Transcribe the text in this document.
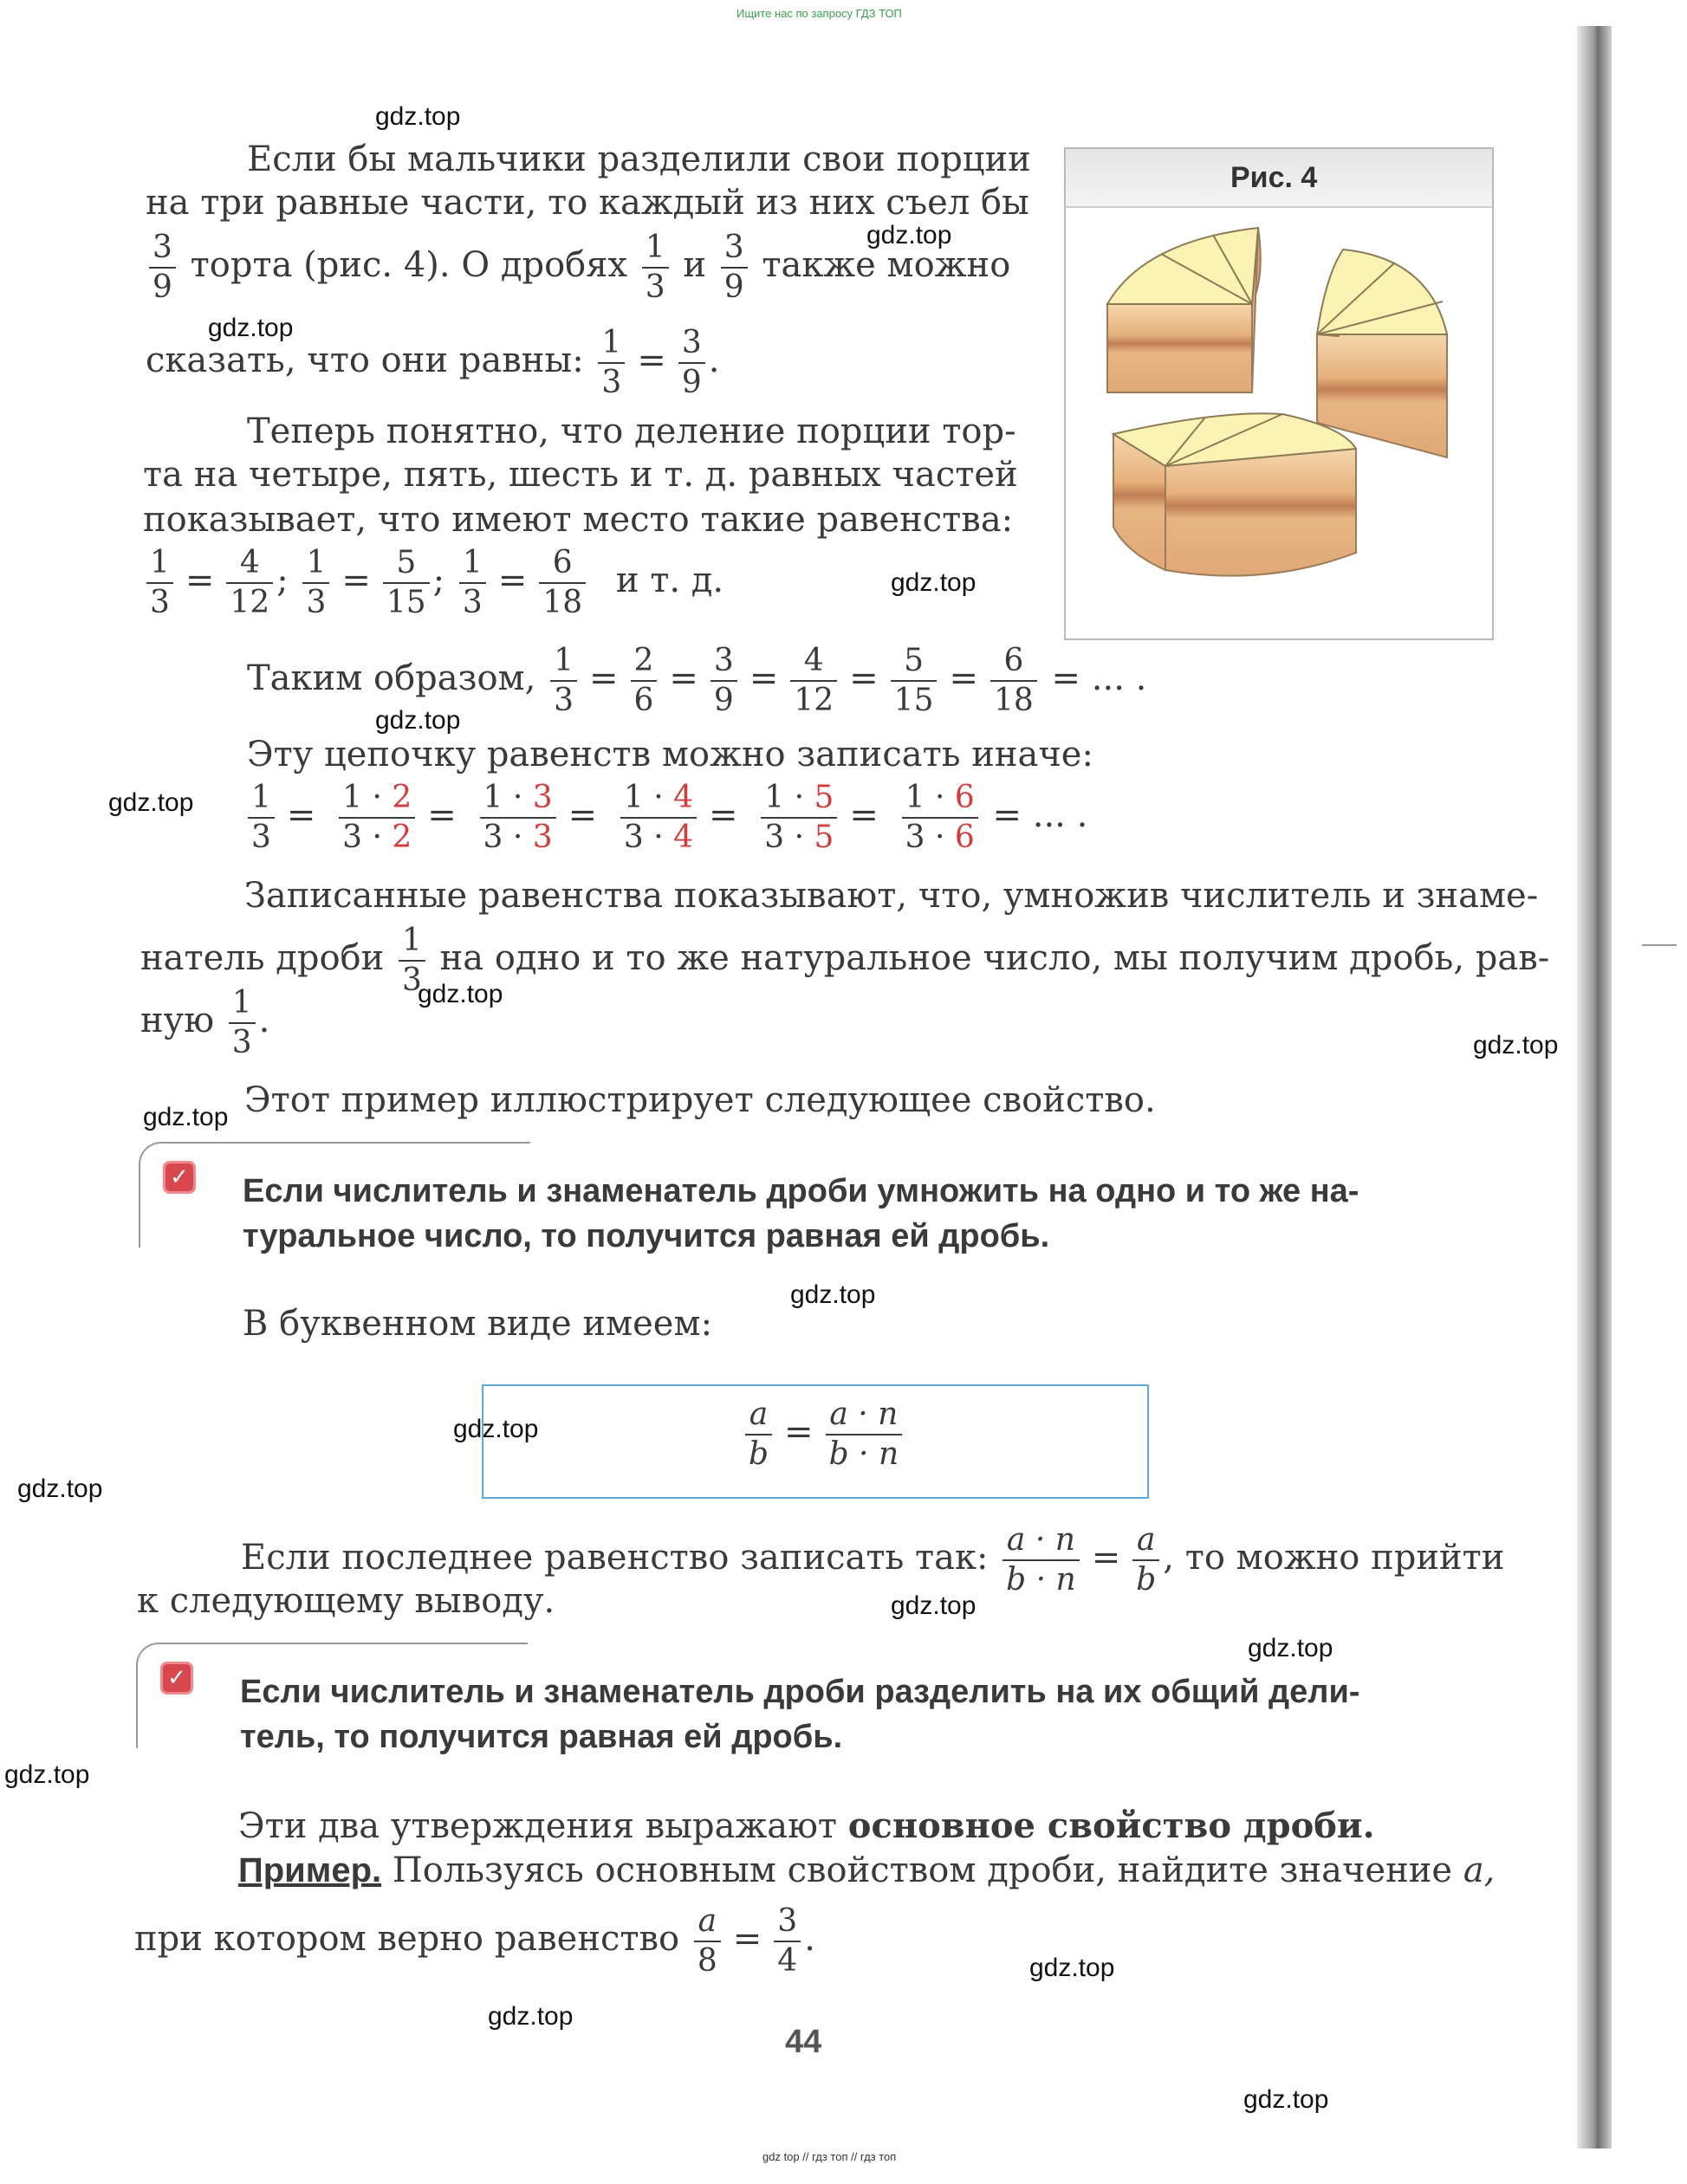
Ищите нас по запросу ГДЗ ТОП
gdz top // гдз топ // гдз топ
gdz.top
gdz.top
gdz.top
gdz.top
gdz.top
gdz.top
gdz.top
gdz.top
gdz.top
gdz.top
gdz.top
gdz.top
gdz.top
gdz.top
gdz.top
gdz.top
gdz.top
gdz.top
Рис. 4
Если бы мальчики разделили свои порции
на три равные части, то каждый из них съел бы
$\frac{3}{9}$ торта (рис. 4). О дробях $\frac{1}{3}$ и $\frac{3}{9}$ также можно
сказать, что они равны: $\frac{1}{3} = \frac{3}{9}$ .
Теперь понятно, что деление порции тор-
та на четыре, пять, шесть и т. д. равных частей
показывает, что имеют место такие равенства:
$\frac{1}{3} = \frac{4}{12}$ ; $\frac{1}{3} = \frac{5}{15}$ ; $\frac{1}{3} = \frac{6}{18}$ и т. д.
Таким образом, $\frac{1}{3} = \frac{2}{6} = \frac{3}{9} = \frac{4}{12} = \frac{5}{15} = \frac{6}{18}$ = ... .
Эту цепочку равенств можно записать иначе:
$\frac{1}{3} = \frac{1 \cdot 2}{3 \cdot 2} = \frac{1 \cdot 3}{3 \cdot 3} = \frac{1 \cdot 4}{3 \cdot 4} = \frac{1 \cdot 5}{3 \cdot 5} = \frac{1 \cdot 6}{3 \cdot 6}$ = ... .
Записанные равенства показывают, что, умножив числитель и знаме-
натель дроби $\frac{1}{3}$ на одно и то же натуральное число, мы получим дробь, рав-
ную $\frac{1}{3}$ .
Этот пример иллюстрирует следующее свойство.
✓ Если числитель и знаменатель дроби умножить на одно и то же на-
туральное число, то получится равная ей дробь.
В буквенном виде имеем:
$\frac{a}{b} = \frac{a \cdot n}{b \cdot n}$
Если последнее равенство записать так: $\frac{a \cdot n}{b \cdot n} = \frac{a}{b}$ , то можно прийти
к следующему выводу.
✓ Если числитель и знаменатель дроби разделить на их общий дели-
тель, то получится равная ей дробь.
Эти два утверждения выражают основное свойство дроби.
Пример. Пользуясь основным свойством дроби, найдите значение a,
при котором верно равенство $\frac{a}{8} = \frac{3}{4}$ .
44
